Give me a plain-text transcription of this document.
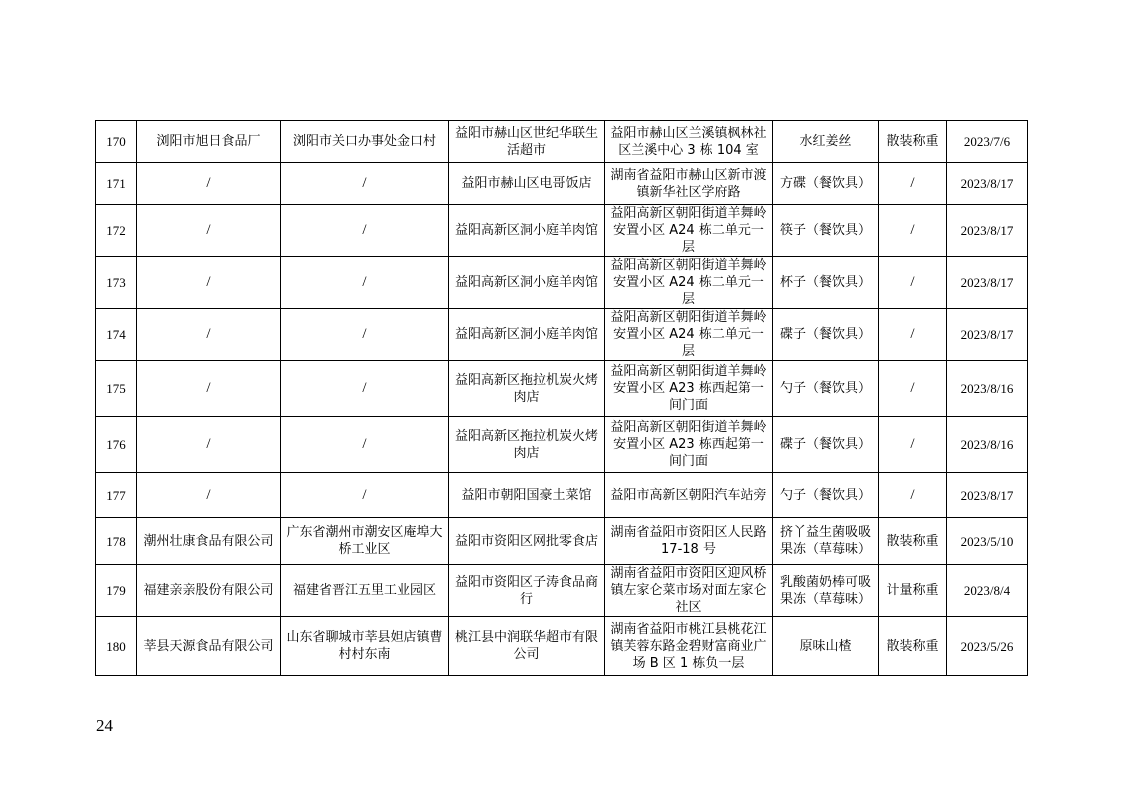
170	浏阳市旭日食品厂	浏阳市关口办事处金口村	益阳市赫山区世纪华联生活超市	益阳市赫山区兰溪镇枫林社区兰溪中心 3 栋 104 室	水红姜丝	散装称重	2023/7/6
171	/	/	益阳市赫山区电哥饭店	湖南省益阳市赫山区新市渡镇新华社区学府路	方碟（餐饮具）	/	2023/8/17
172	/	/	益阳高新区洞小庭羊肉馆	益阳高新区朝阳街道羊舞岭安置小区 A24 栋二单元一层	筷子（餐饮具）	/	2023/8/17
173	/	/	益阳高新区洞小庭羊肉馆	益阳高新区朝阳街道羊舞岭安置小区 A24 栋二单元一层	杯子（餐饮具）	/	2023/8/17
174	/	/	益阳高新区洞小庭羊肉馆	益阳高新区朝阳街道羊舞岭安置小区 A24 栋二单元一层	碟子（餐饮具）	/	2023/8/17
175	/	/	益阳高新区拖拉机炭火烤肉店	益阳高新区朝阳街道羊舞岭安置小区 A23 栋西起第一间门面	勺子（餐饮具）	/	2023/8/16
176	/	/	益阳高新区拖拉机炭火烤肉店	益阳高新区朝阳街道羊舞岭安置小区 A23 栋西起第一间门面	碟子（餐饮具）	/	2023/8/16
177	/	/	益阳市朝阳国豪土菜馆	益阳市高新区朝阳汽车站旁	勺子（餐饮具）	/	2023/8/17
178	潮州壮康食品有限公司	广东省潮州市潮安区庵埠大桥工业区	益阳市资阳区网批零食店	湖南省益阳市资阳区人民路 17-18 号	挤丫益生菌吸吸果冻（草莓味）	散装称重	2023/5/10
179	福建亲亲股份有限公司	福建省晋江五里工业园区	益阳市资阳区子涛食品商行	湖南省益阳市资阳区迎风桥镇左家仑菜市场对面左家仑社区	乳酸菌奶棒可吸果冻（草莓味）	计量称重	2023/8/4
180	莘县天源食品有限公司	山东省聊城市莘县妲店镇曹村村东南	桃江县中润联华超市有限公司	湖南省益阳市桃江县桃花江镇芙蓉东路金碧财富商业广场 B 区 1 栋负一层	原味山楂	散装称重	2023/5/26
24
